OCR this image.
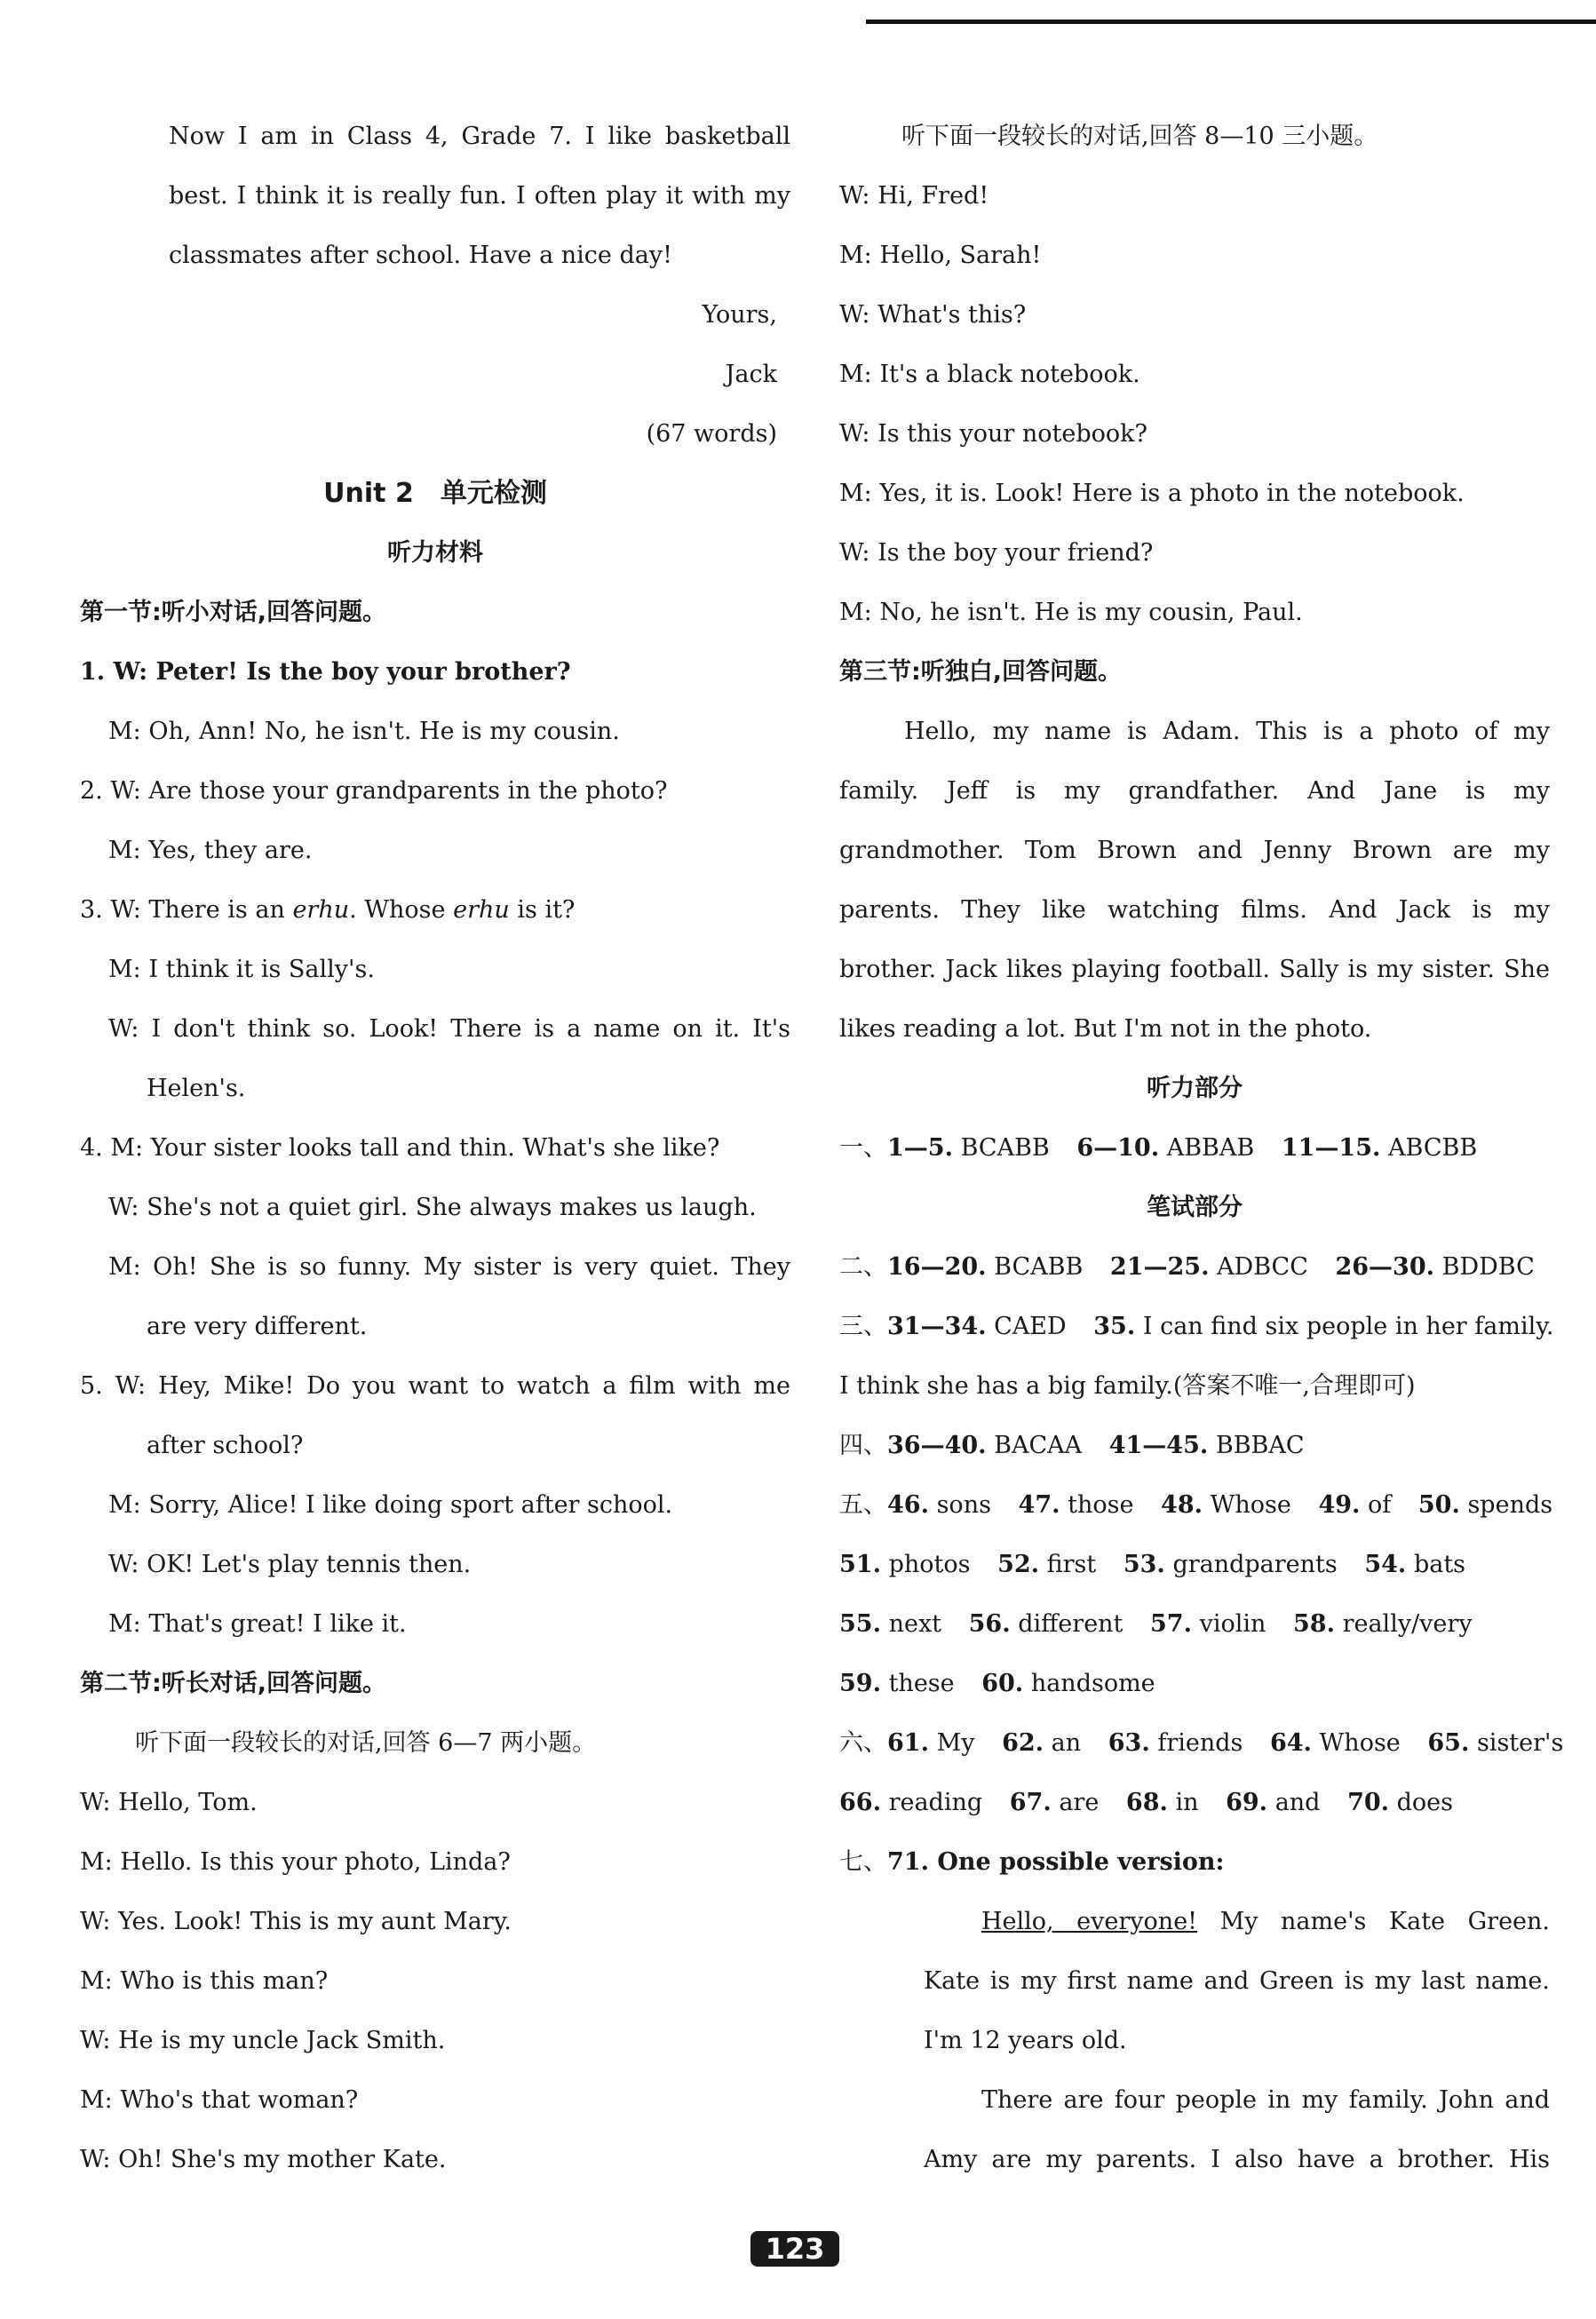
Now I am in Class 4, Grade 7. I like basketball
best. I think it is really fun. I often play it with my
classmates after school. Have a nice day!
Yours,
Jack
(67 words)
Unit 2　单元检测
听力材料
第一节:听小对话,回答问题。
1. W: Peter! Is the boy your brother?
M: Oh, Ann! No, he isn't. He is my cousin.
2. W: Are those your grandparents in the photo?
M: Yes, they are.
3. W: There is an erhu. Whose erhu is it?
M: I think it is Sally's.
W: I don't think so. Look! There is a name on it. It's
Helen's.
4. M: Your sister looks tall and thin. What's she like?
W: She's not a quiet girl. She always makes us laugh.
M: Oh! She is so funny. My sister is very quiet. They
are very different.
5. W: Hey, Mike! Do you want to watch a film with me
after school?
M: Sorry, Alice! I like doing sport after school.
W: OK! Let's play tennis then.
M: That's great! I like it.
第二节:听长对话,回答问题。
听下面一段较长的对话,回答 6—7 两小题。
W: Hello, Tom.
M: Hello. Is this your photo, Linda?
W: Yes. Look! This is my aunt Mary.
M: Who is this man?
W: He is my uncle Jack Smith.
M: Who's that woman?
W: Oh! She's my mother Kate.
听下面一段较长的对话,回答 8—10 三小题。
W: Hi, Fred!
M: Hello, Sarah!
W: What's this?
M: It's a black notebook.
W: Is this your notebook?
M: Yes, it is. Look! Here is a photo in the notebook.
W: Is the boy your friend?
M: No, he isn't. He is my cousin, Paul.
第三节:听独白,回答问题。
Hello, my name is Adam. This is a photo of my
family. Jeff is my grandfather. And Jane is my
grandmother. Tom Brown and Jenny Brown are my
parents. They like watching films. And Jack is my
brother. Jack likes playing football. Sally is my sister. She
likes reading a lot. But I'm not in the photo.
听力部分
一、1—5. BCABB 6—10. ABBAB 11—15. ABCBB
笔试部分
二、16—20. BCABB 21—25. ADBCC 26—30. BDDBC
三、31—34. CAED 35. I can find six people in her family.
I think she has a big family.(答案不唯一,合理即可)
四、36—40. BACAA 41—45. BBBAC
五、46. sons 47. those 48. Whose 49. of 50. spends
51. photos 52. first 53. grandparents 54. bats
55. next 56. different 57. violin 58. really/very
59. these 60. handsome
六、61. My 62. an 63. friends 64. Whose 65. sister's
66. reading 67. are 68. in 69. and 70. does
七、71. One possible version:
Hello, everyone! My name's Kate Green.
Kate is my first name and Green is my last name.
I'm 12 years old.
There are four people in my family. John and
Amy are my parents. I also have a brother. His
123
